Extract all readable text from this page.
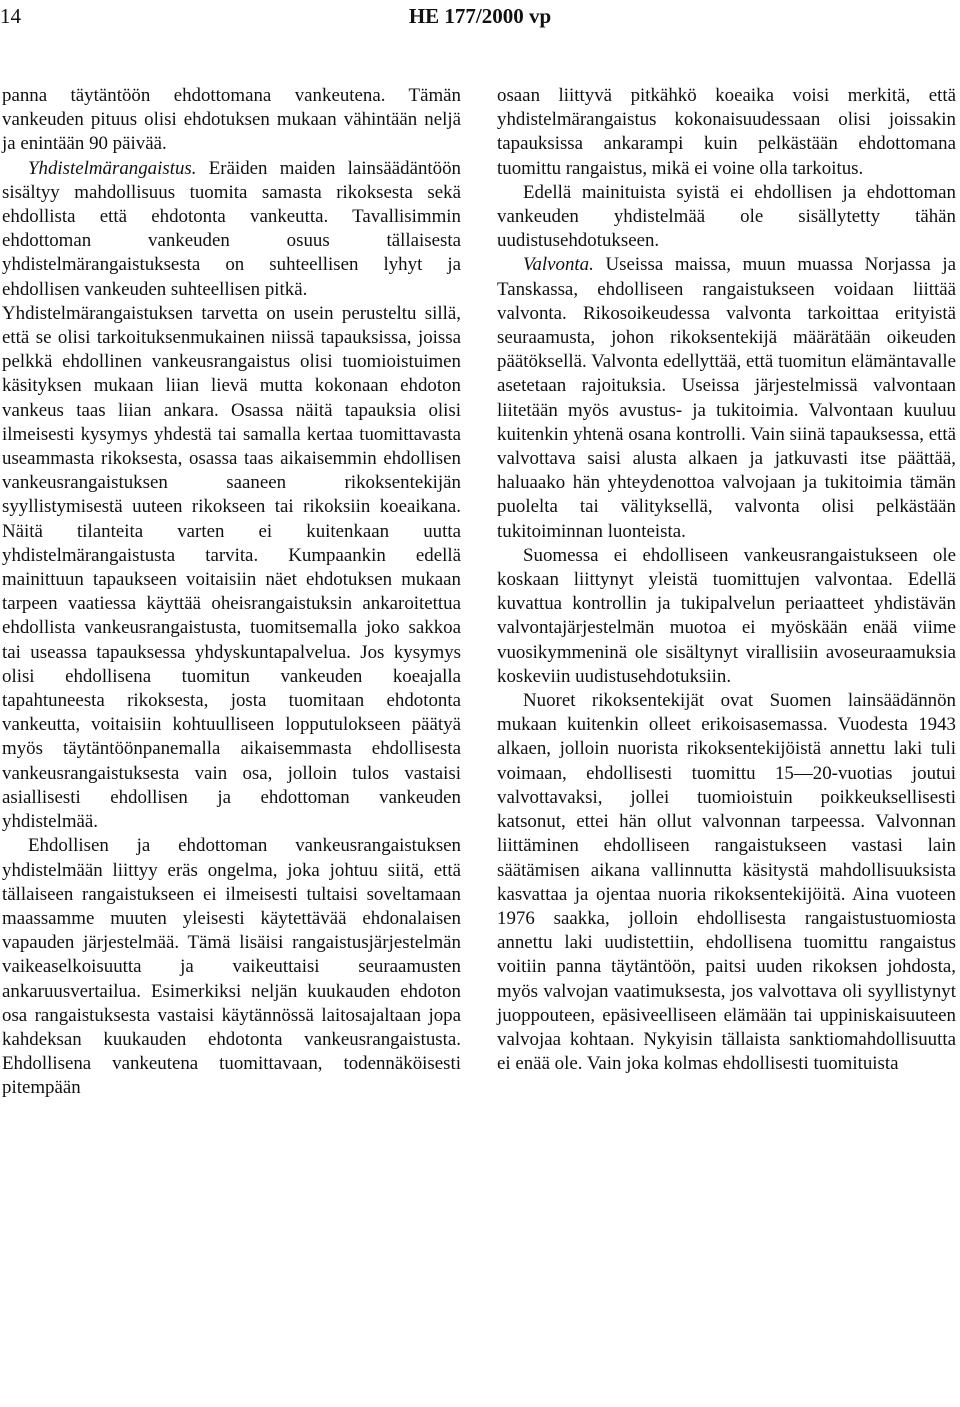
14	HE 177/2000 vp

panna täytäntöön ehdottomana vankeutena. Tämän vankeuden pituus olisi ehdotuksen mukaan vähintään neljä ja enintään 90 päivää.

Yhdistelmärangaistus. Eräiden maiden lainsäädäntöön sisältyy mahdollisuus tuomita samasta rikoksesta sekä ehdollista että ehdotonta vankeutta. Tavallisimmin ehdottoman vankeuden osuus tällaisesta yhdistelmärangaistuksesta on suhteellisen lyhyt ja ehdollisen vankeuden suhteellisen pitkä.

Yhdistelmärangaistuksen tarvetta on usein perusteltu sillä, että se olisi tarkoituksenmukainen niissä tapauksissa, joissa pelkkä ehdollinen vankeusrangaistus olisi tuomioistuimen käsityksen mukaan liian lievä mutta kokonaan ehdoton vankeus taas liian ankara. Osassa näitä tapauksia olisi ilmeisesti kysymys yhdestä tai samalla kertaa tuomittavasta useammasta rikoksesta, osassa taas aikaisemmin ehdollisen vankeusrangaistuksen saaneen rikoksentekijän syyllistymisestä uuteen rikokseen tai rikoksiin koeaikana. Näitä tilanteita varten ei kuitenkaan uutta yhdistelmärangaistusta tarvita. Kumpaankin edellä mainittuun tapaukseen voitaisiin näet ehdotuksen mukaan tarpeen vaatiessa käyttää oheisrangaistuksin ankaroitettua ehdollista vankeusrangaistusta, tuomitsemalla joko sakkoa tai useassa tapauksessa yhdyskuntapalvelua. Jos kysymys olisi ehdollisena tuomitun vankeuden koeajalla tapahtuneesta rikoksesta, josta tuomitaan ehdotonta vankeutta, voitaisiin kohtuulliseen lopputulokseen päätyä myös täytäntöönpanemalla aikaisemmasta ehdollisesta vankeusrangaistuksesta vain osa, jolloin tulos vastaisi asiallisesti ehdollisen ja ehdottoman vankeuden yhdistelmää.

Ehdollisen ja ehdottoman vankeusrangaistuksen yhdistelmään liittyy eräs ongelma, joka johtuu siitä, että tällaiseen rangaistukseen ei ilmeisesti tultaisi soveltamaan maassamme muuten yleisesti käytettävää ehdonalaisen vapauden järjestelmää. Tämä lisäisi rangaistusjärjestelmän vaikeaselkoisuutta ja vaikeuttaisi seuraamusten ankaruusvertailua. Esimerkiksi neljän kuukauden ehdoton osa rangaistuksesta vastaisi käytännössä laitosajaltaan jopa kahdeksan kuukauden ehdotonta vankeusrangaistusta. Ehdollisena vankeutena tuomittavaan, todennäköisesti pitempään

osaan liittyvä pitkähkö koeaika voisi merkitä, että yhdistelmärangaistus kokonaisuudessaan olisi joissakin tapauksissa ankarampi kuin pelkästään ehdottomana tuomittu rangaistus, mikä ei voine olla tarkoitus.

Edellä mainituista syistä ei ehdollisen ja ehdottoman vankeuden yhdistelmää ole sisällytetty tähän uudistusehdotukseen.

Valvonta. Useissa maissa, muun muassa Norjassa ja Tanskassa, ehdolliseen rangaistukseen voidaan liittää valvonta. Rikosoikeudessa valvonta tarkoittaa erityistä seuraamusta, johon rikoksentekijä määrätään oikeuden päätöksellä. Valvonta edellyttää, että tuomitun elämäntavalle asetetaan rajoituksia. Useissa järjestelmissä valvontaan liitetään myös avustus- ja tukitoimia. Valvontaan kuuluu kuitenkin yhtenä osana kontrolli. Vain siinä tapauksessa, että valvottava saisi alusta alkaen ja jatkuvasti itse päättää, haluaako hän yhteydenottoa valvojaan ja tukitoimia tämän puolelta tai välityksellä, valvonta olisi pelkästään tukitoiminnan luonteista.

Suomessa ei ehdolliseen vankeusrangaistukseen ole koskaan liittynyt yleistä tuomittujen valvontaa. Edellä kuvattua kontrollin ja tukipalvelun periaatteet yhdistävän valvontajärjestelmän muotoa ei myöskään enää viime vuosikymmeninä ole sisältynyt virallisiin avoseuraamuksia koskeviin uudistusehdotuksiin.

Nuoret rikoksentekijät ovat Suomen lainsäädännön mukaan kuitenkin olleet erikoisasemassa. Vuodesta 1943 alkaen, jolloin nuorista rikoksentekijöistä annettu laki tuli voimaan, ehdollisesti tuomittu 15—20-vuotias joutui valvottavaksi, jollei tuomioistuin poikkeuksellisesti katsonut, ettei hän ollut valvonnan tarpeessa. Valvonnan liittäminen ehdolliseen rangaistukseen vastasi lain säätämisen aikana vallinnutta käsitystä mahdollisuuksista kasvattaa ja ojentaa nuoria rikoksentekijöitä. Aina vuoteen 1976 saakka, jolloin ehdollisesta rangaistustuomiosta annettu laki uudistettiin, ehdollisena tuomittu rangaistus voitiin panna täytäntöön, paitsi uuden rikoksen johdosta, myös valvojan vaatimuksesta, jos valvottava oli syyllistynyt juoppouteen, epäsiveelliseen elämään tai uppiniskaisuuteen valvojaa kohtaan. Nykyisin tällaista sanktiomahdollisuutta ei enää ole. Vain joka kolmas ehdollisesti tuomituista
